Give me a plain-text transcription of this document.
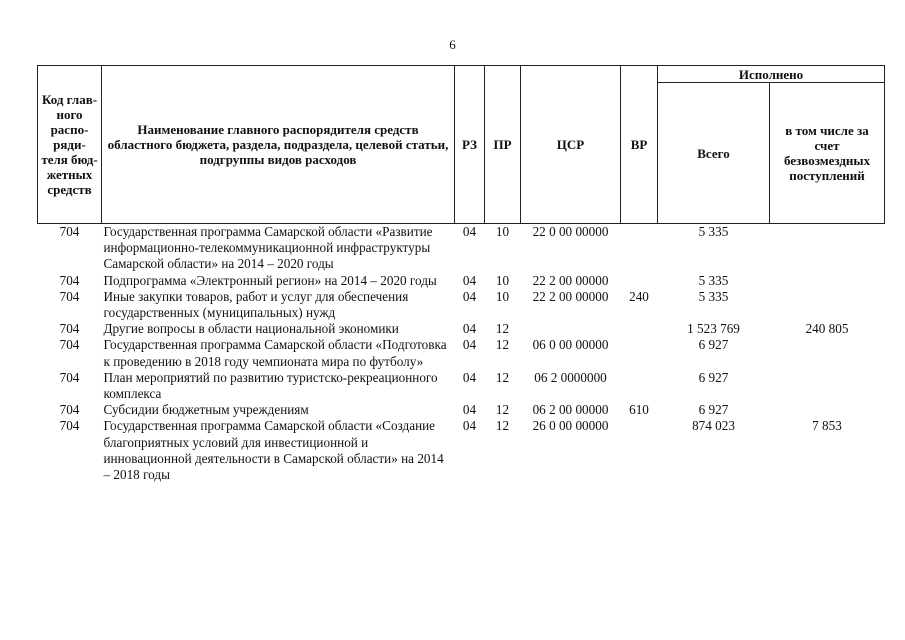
6
Код глав-ного распо-ряди-теля бюд-жетных средств	Наименование главного распорядителя средств областного бюджета, раздела, подраздела, целевой статьи, подгруппы видов расходов	РЗ	ПР	ЦСР	ВР	Исполнено	
						Всего	в том числе за счет безвозмездных поступлений
704	Государственная программа Самарской области «Развитие информационно-телекоммуникационной инфраструктуры Самарской области» на 2014 – 2020 годы	04	10	22 0 00 00000		5 335	
704	Подпрограмма «Электронный регион» на 2014 – 2020 годы	04	10	22 2 00 00000		5 335	
704	Иные закупки товаров, работ и услуг для обеспечения государственных (муниципальных) нужд	04	10	22 2 00 00000	240	5 335	
704	Другие вопросы в области национальной экономики	04	12			1 523 769	240 805
704	Государственная программа Самарской области «Подготовка к проведению в 2018 году чемпионата мира по футболу»	04	12	06 0 00 00000		6 927	
704	План мероприятий по развитию туристско-рекреационного комплекса	04	12	06 2 0000000		6 927	
704	Субсидии бюджетным учреждениям	04	12	06 2 00 00000	610	6 927	
704	Государственная программа Самарской области «Создание благоприятных условий для инвестиционной и инновационной деятельности в Самарской области» на 2014 – 2018 годы	04	12	26 0 00 00000		874 023	7 853
